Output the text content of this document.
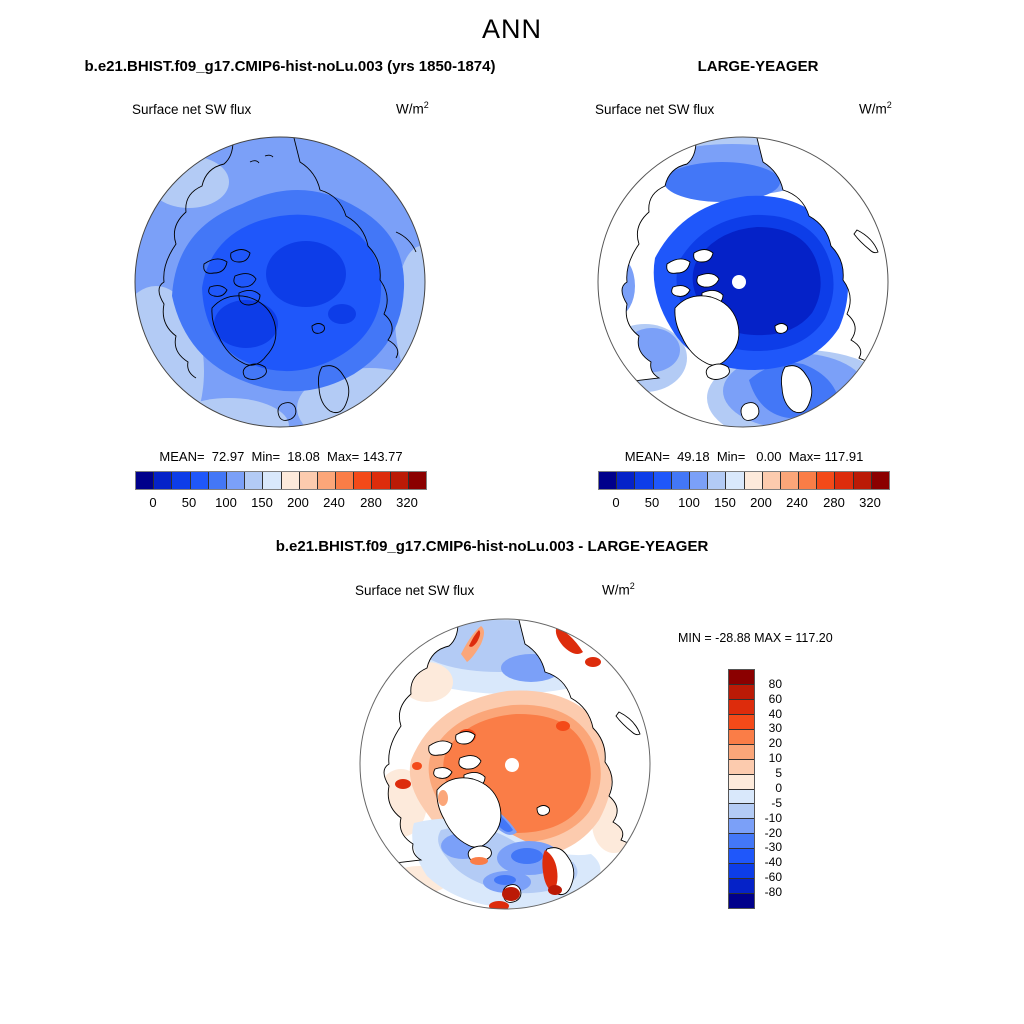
ANN
b.e21.BHIST.f09_g17.CMIP6-hist-noLu.003 (yrs 1850-1874)	LARGE-YEAGER
Surface net SW flux	$W/m^2$	Surface net SW flux	$W/m^2$
MEAN=  72.97  Min=  18.08  Max= 143.77	MEAN=  49.18  Min=   0.00  Max= 117.91
0 50 100 150 200 240 280 320	0 50 100 150 200 240 280 320
b.e21.BHIST.f09_g17.CMIP6-hist-noLu.003 - LARGE-YEAGER
Surface net SW flux	$W/m^2$
MIN = -28.88 MAX = 117.20
80
60
40
30
20
10
5
0
-5
-10
-20
-30
-40
-60
-80
